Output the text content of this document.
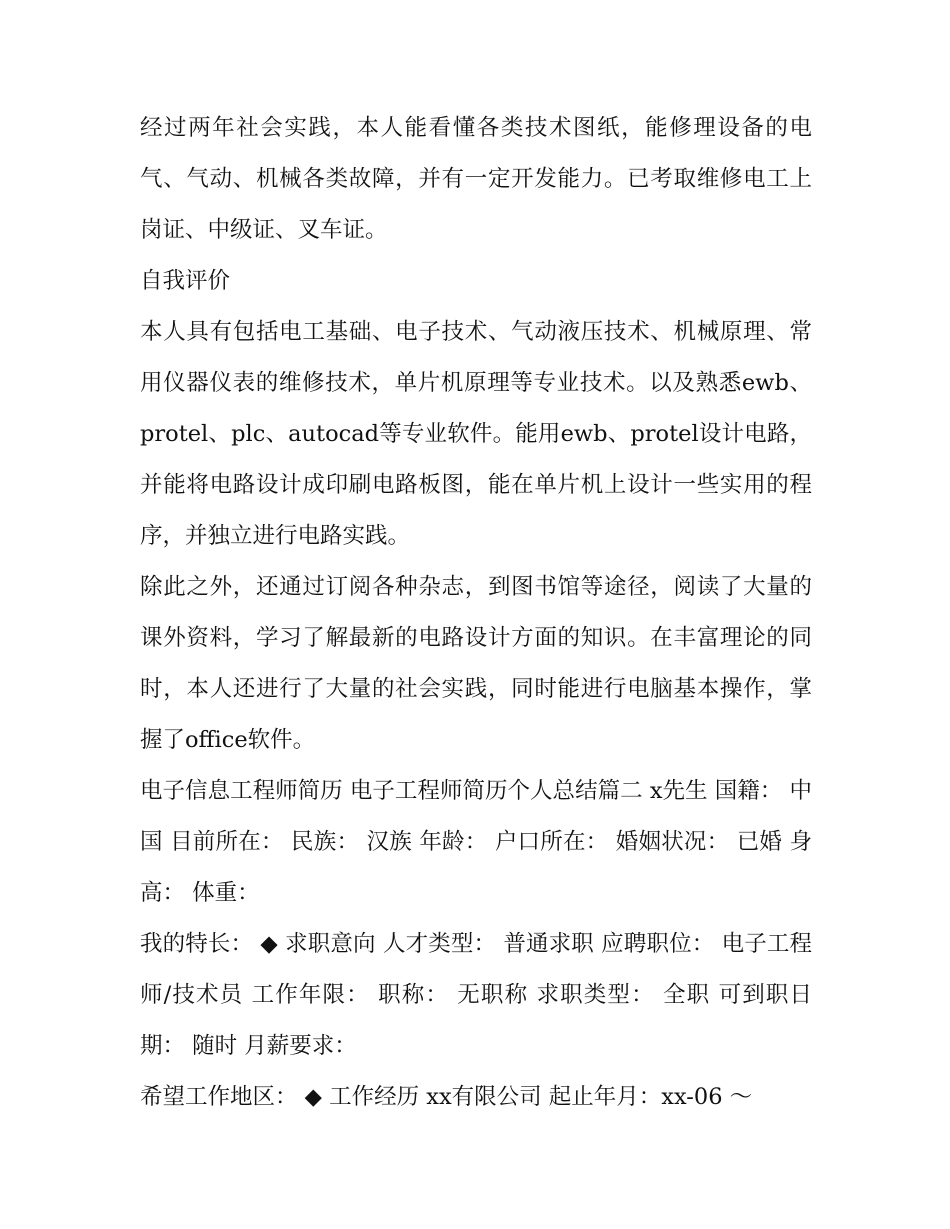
经过两年社会实践，本人能看懂各类技术图纸，能修理设备的电气、气动、机械各类故障，并有一定开发能力。已考取维修电工上岗证、中级证、叉车证。

自我评价

本人具有包括电工基础、电子技术、气动液压技术、机械原理、常用仪器仪表的维修技术，单片机原理等专业技术。以及熟悉ewb、protel、plc、autocad等专业软件。能用ewb、protel设计电路，并能将电路设计成印刷电路板图，能在单片机上设计一些实用的程序，并独立进行电路实践。

除此之外，还通过订阅各种杂志，到图书馆等途径，阅读了大量的课外资料，学习了解最新的电路设计方面的知识。在丰富理论的同时，本人还进行了大量的社会实践，同时能进行电脑基本操作，掌握了office软件。

电子信息工程师简历 电子工程师简历个人总结篇二 x先生 国籍： 中国 目前所在： 民族： 汉族 年龄： 户口所在： 婚姻状况： 已婚 身高： 体重：

我的特长： ◆ 求职意向 人才类型： 普通求职 应聘职位： 电子工程师/技术员 工作年限： 职称： 无职称 求职类型： 全职 可到职日期： 随时 月薪要求：

希望工作地区： ◆ 工作经历 xx有限公司 起止年月：xx-06 ～
